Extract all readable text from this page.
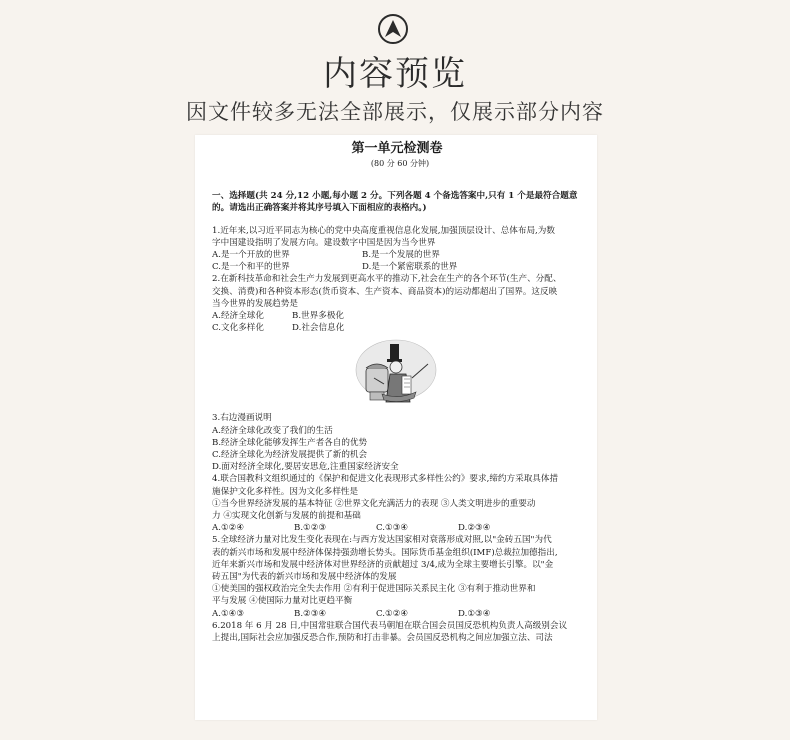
内容预览
因文件较多无法全部展示，仅展示部分内容
第一单元检测卷
(80 分 60 分钟)

一、选择题(共 24 分,12 小题,每小题 2 分。下列各题 4 个备选答案中,只有 1 个是最符合题意

的。请选出正确答案并将其序号填入下面相应的表格内。)

1.近年来,以习近平同志为核心的党中央高度重视信息化发展,加强顶层设计、总体布局,为数

字中国建设指明了发展方向。建设数字中国是因为当今世界

A.是一个开放的世界	B.是一个发展的世界
C.是一个和平的世界	D.是一个紧密联系的世界

2.在新科技革命和社会生产力发展到更高水平的推动下,社会在生产的各个环节(生产、分配、

交换、消费)和各种资本形态(货币资本、生产资本、商品资本)的运动都超出了国界。这反映

当今世界的发展趋势是

A.经济全球化	B.世界多极化
C.文化多样化	D.社会信息化

3.右边漫画说明

A.经济全球化改变了我们的生活

B.经济全球化能够发挥生产者各自的优势

C.经济全球化为经济发展提供了新的机会

D.面对经济全球化,要居安思危,注重国家经济安全

4.联合国教科文组织通过的《保护和促进文化表现形式多样性公约》要求,缔约方采取具体措

施保护文化多样性。因为文化多样性是

①当今世界经济发展的基本特征 ②世界文化充满活力的表现 ③人类文明进步的重要动

力 ④实现文化创新与发展的前提和基础

A.①②④	B.①②③	C.①③④	D.②③④

5.全球经济力量对比发生变化表现在:与西方发达国家相对衰落形成对照,以"金砖五国"为代

表的新兴市场和发展中经济体保持强劲增长势头。国际货币基金组织(IMF)总裁拉加德指出,

近年来新兴市场和发展中经济体对世界经济的贡献超过 3/4,成为全球主要增长引擎。以"金

砖五国"为代表的新兴市场和发展中经济体的发展

①使美国的强权政治完全失去作用 ②有利于促进国际关系民主化 ③有利于推动世界和

平与发展 ④使国际力量对比更趋平衡

A.①④③	B.②③④	C.①②④	D.①③④

6.2018 年 6 月 28 日,中国常驻联合国代表马朝旭在联合国会员国反恐机构负责人高级别会议

上提出,国际社会应加强反恐合作,预防和打击非暴。会员国反恐机构之间应加强立法、司法
